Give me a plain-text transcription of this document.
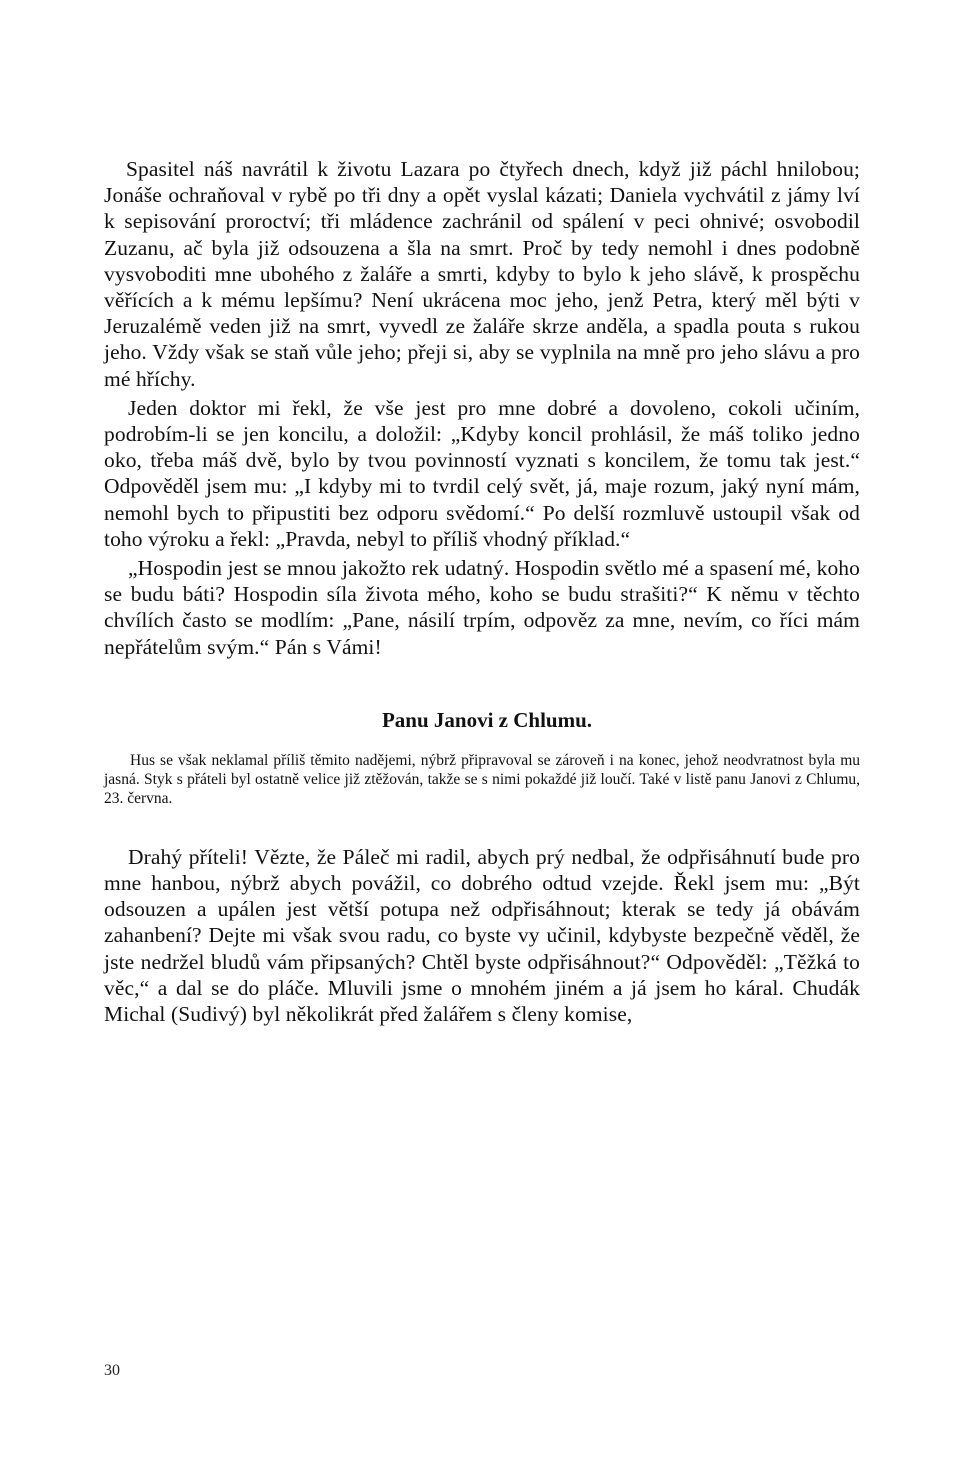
Spasitel náš navrátil k životu Lazara po čtyřech dnech, když již páchl hnilobou; Jonáše ochraňoval v rybě po tři dny a opět vyslal kázati; Daniela vychvátil z jámy lví k sepisování proroctví; tři mládence zachránil od spálení v peci ohnivé; osvobodil Zuzanu, ač byla již odsouzena a šla na smrt. Proč by tedy nemohl i dnes podobně vysvoboditi mne ubohého z žaláře a smrti, kdyby to bylo k jeho slávě, k prospěchu věřících a k mému lepšímu? Není ukrácena moc jeho, jenž Petra, který měl býti v Jeruzalémě veden již na smrt, vyvedl ze žaláře skrze anděla, a spadla pouta s rukou jeho. Vždy však se staň vůle jeho; přeji si, aby se vyplnila na mně pro jeho slávu a pro mé hříchy.

Jeden doktor mi řekl, že vše jest pro mne dobré a dovoleno, cokoli učiním, podrobím-li se jen koncilu, a doložil: „Kdyby koncil prohlásil, že máš toliko jedno oko, třeba máš dvě, bylo by tvou povinností vyznati s koncilem, že tomu tak jest.“ Odpověděl jsem mu: „I kdyby mi to tvrdil celý svět, já, maje rozum, jaký nyní mám, nemohl bych to připustiti bez odporu svědomí.“ Po delší rozmluvě ustoupil však od toho výroku a řekl: „Pravda, nebyl to příliš vhodný příklad.“

„Hospodin jest se mnou jakožto rek udatný. Hospodin světlo mé a spasení mé, koho se budu báti? Hospodin síla života mého, koho se budu strašiti?“ K němu v těchto chvílích často se modlím: „Pane, násilí trpím, odpověz za mne, nevím, co říci mám nepřátelům svým.“ Pán s Vámi!

Panu Janovi z Chlumu.

Hus se však neklamal příliš těmito nadějemi, nýbrž připravoval se zároveň i na konec, jehož neodvratnost byla mu jasná. Styk s přáteli byl ostatně velice již ztěžován, takže se s nimi pokaždé již loučí. Také v listě panu Janovi z Chlumu, 23. června.

Drahý příteli! Vězte, že Páleč mi radil, abych prý nedbal, že odpřisáhnutí bude pro mne hanbou, nýbrž abych povážil, co dobrého odtud vzejde. Řekl jsem mu: „Být odsouzen a upálen jest větší potupa než odpřisáhnout; kterak se tedy já obávám zahanbení? Dejte mi však svou radu, co byste vy učinil, kdybyste bezpečně věděl, že jste nedržel bludů vám připsaných? Chtěl byste odpřisáhnout?“ Odpověděl: „Těžká to věc,“ a dal se do pláče. Mluvili jsme o mnohém jiném a já jsem ho káral. Chudák Michal (Sudivý) byl několikrát před žalářem s členy komise,

30
